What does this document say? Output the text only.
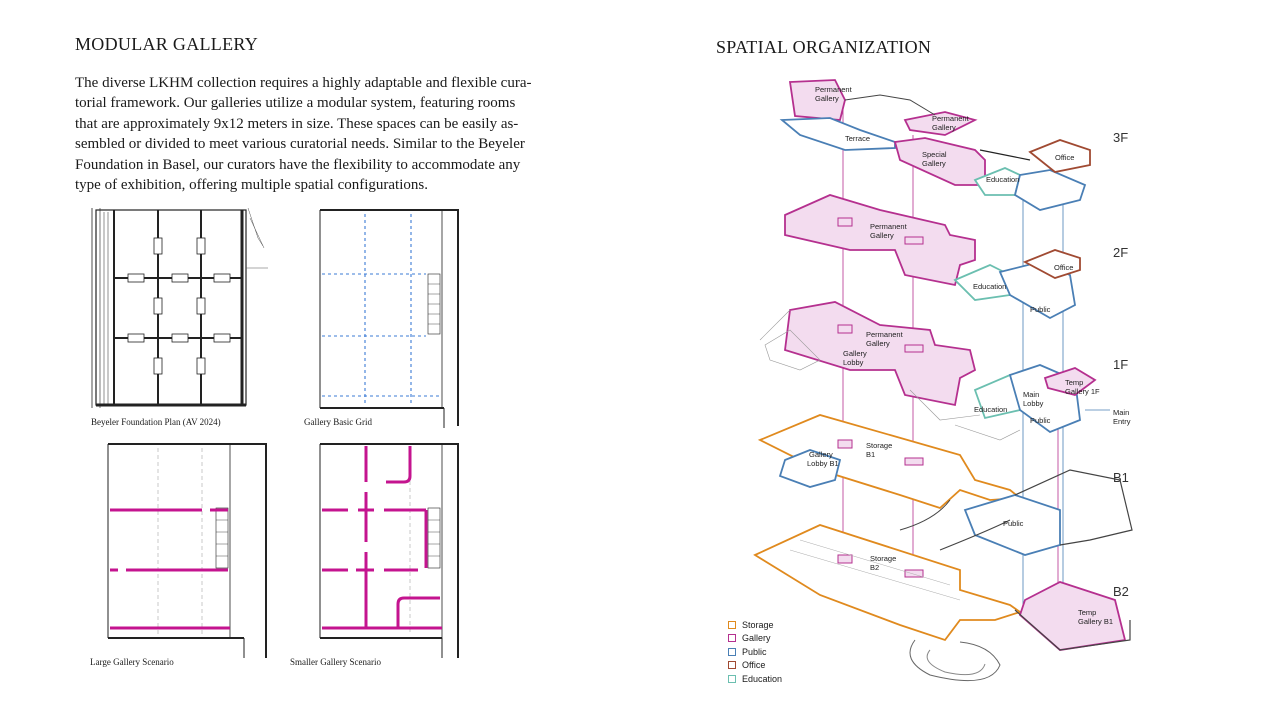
MODULAR GALLERY
The diverse LKHM collection requires a highly adaptable and flexible cura-
torial framework. Our galleries utilize a modular system, featuring rooms
that are approximately 9x12 meters in size. These spaces can be easily as-
sembled or divided to meet various curatorial needs. Similar to the Beyeler
Foundation in Basel, our curators have the flexibility to accommodate any
type of exhibition, offering multiple spatial configurations.
Beyeler Foundation Plan (AV 2024)	Gallery Basic Grid
Large Gallery Scenario	Smaller Gallery Scenario
SPATIAL ORGANIZATION
3F
2F
1F
B1
B2
Storage
B2
Temp
Gallery B1
Storage
B1
Gallery
Lobby B1
Public
Permanent
Gallery
Gallery
Lobby
Main
Lobby
Temp
Gallery 1F
Education
Public
Main
Entry
Permanent
Gallery
Education
Office
Public
Permanent
Gallery
Permanent
Gallery
Terrace
Special
Gallery
Education
Office
Storage
Gallery
Public
Office
Education
